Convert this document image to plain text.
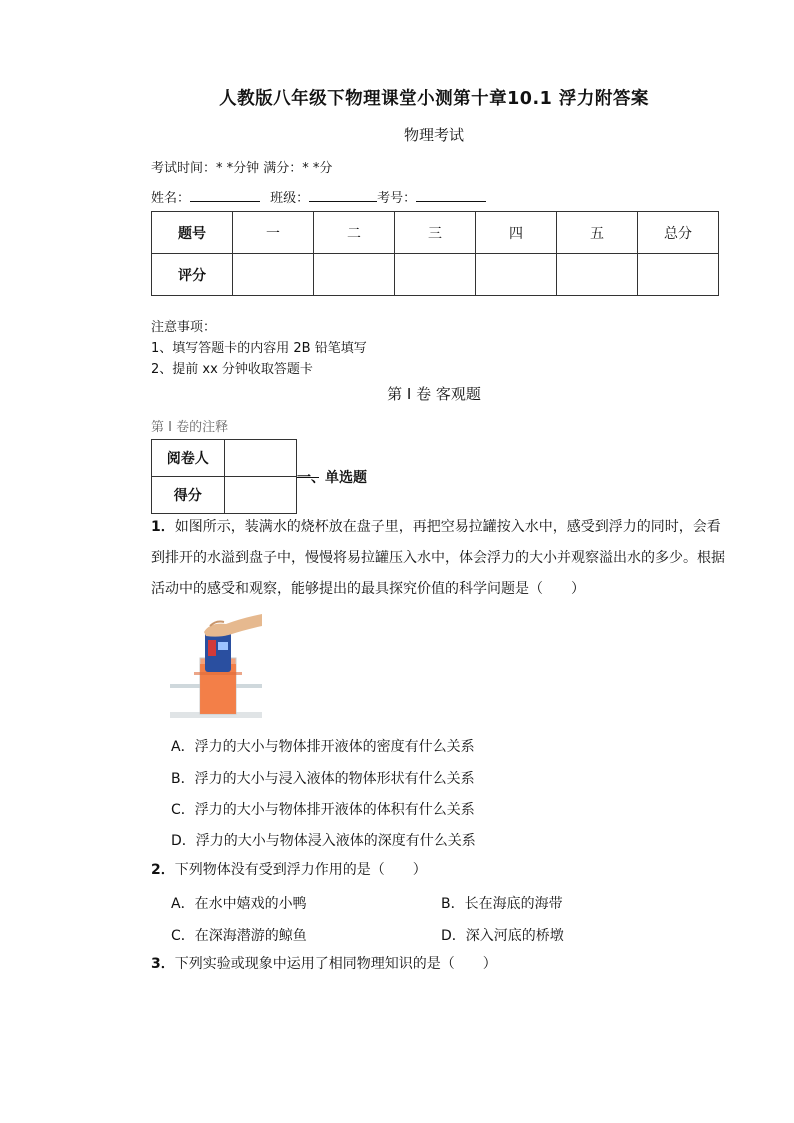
人教版八年级下物理课堂小测第十章10.1 浮力附答案
物理考试
考试时间：* *分钟 满分：* *分
姓名：	班级：	考号：
题号	一	二	三	四	五	总分
评分						
注意事项：
1、填写答题卡的内容用 2B 铅笔填写
2、提前 xx 分钟收取答题卡
第 I 卷 客观题
第 I 卷的注释
阅卷人	
得分	
一、单选题
1．如图所示，装满水的烧杯放在盘子里，再把空易拉罐按入水中，感受到浮力的同时，会看到排开的水溢到盘子中，慢慢将易拉罐压入水中，体会浮力的大小并观察溢出水的多少。根据活动中的感受和观察，能够提出的最具探究价值的科学问题是（　　）
A．浮力的大小与物体排开液体的密度有什么关系
B．浮力的大小与浸入液体的物体形状有什么关系
C．浮力的大小与物体排开液体的体积有什么关系
D．浮力的大小与物体浸入液体的深度有什么关系
2．下列物体没有受到浮力作用的是（　　）
A．在水中嬉戏的小鸭	B．长在海底的海带
C．在深海潜游的鲸鱼	D．深入河底的桥墩
3．下列实验或现象中运用了相同物理知识的是（　　）
